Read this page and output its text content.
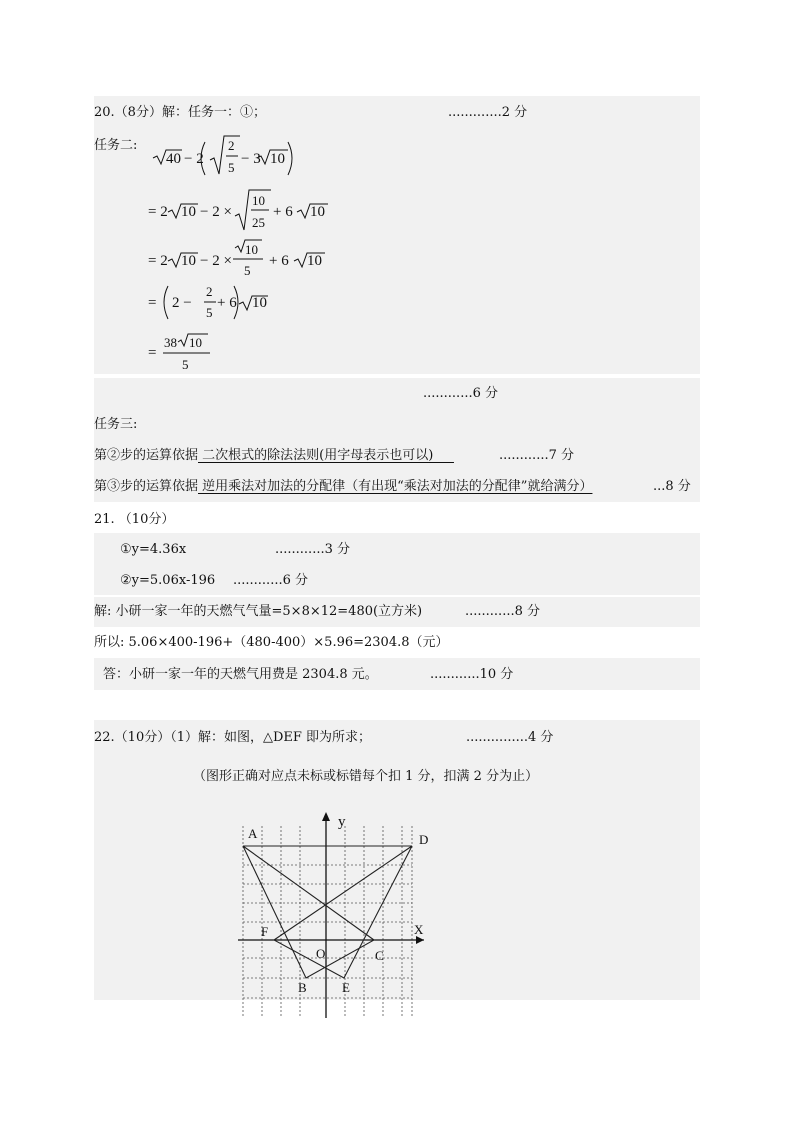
20.（8分）解：任务一：①；	.............2 分
任务二:
40 − 2
2
5
− 3 10
= 2 10 − 2 ×
10
25
+ 6 10
= 2 10 − 2 ×
10
5
+ 6 10
= 2 −
2
5
+ 6 10
=
38 10
5
............6 分
任务三:
第②步的运算依据 二次根式的除法法则(用字母表示也可以)	............7 分
第③步的运算依据 逆用乘法对加法的分配律（有出现“乘法对加法的分配律”就给满分）	...8 分
21. （10分）
①y=4.36x	............3 分
②y=5.06x-196 ............6 分
解: 小研一家一年的天燃气气量=5×8×12=480(立方米)	............8 分
所以: 5.06×400-196+（480-400）×5.96=2304.8（元）
答：小研一家一年的天燃气用费是 2304.8 元。	............10 分
22.（10分）（1）解：如图，△DEF 即为所求；	...............4 分
（图形正确对应点未标或标错每个扣 1 分，扣满 2 分为止）
A	D
F
O	C
B	E
X
y
